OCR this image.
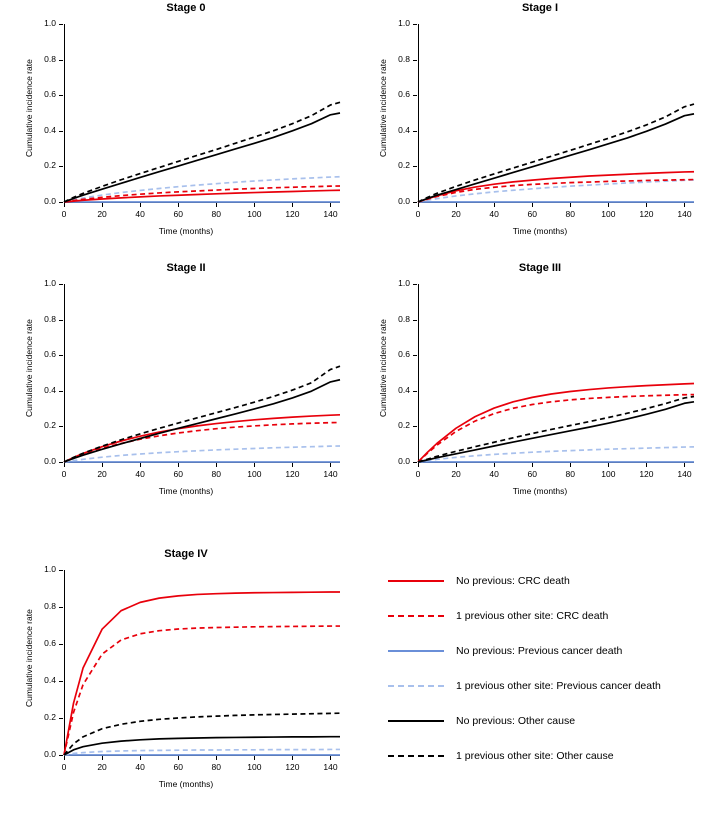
Stage 0
0	20	40	60	80	100	120	140
0.0
0.2
0.4
0.6
0.8
1.0
Time (months)
Cumulative incidence rate
Stage I
0	20	40	60	80	100	120	140
0.0
0.2
0.4
0.6
0.8
1.0
Time (months)
Cumulative incidence rate
Stage II
0	20	40	60	80	100	120	140
0.0
0.2
0.4
0.6
0.8
1.0
Time (months)
Cumulative incidence rate
Stage III
0	20	40	60	80	100	120	140
0.0
0.2
0.4
0.6
0.8
1.0
Time (months)
Cumulative incidence rate
Stage IV
0	20	40	60	80	100	120	140
0.0
0.2
0.4
0.6
0.8
1.0
Time (months)
Cumulative incidence rate
No previous: CRC death
1 previous other site: CRC death
No previous: Previous cancer death
1 previous other site: Previous cancer death
No previous: Other cause
1 previous other site: Other cause
